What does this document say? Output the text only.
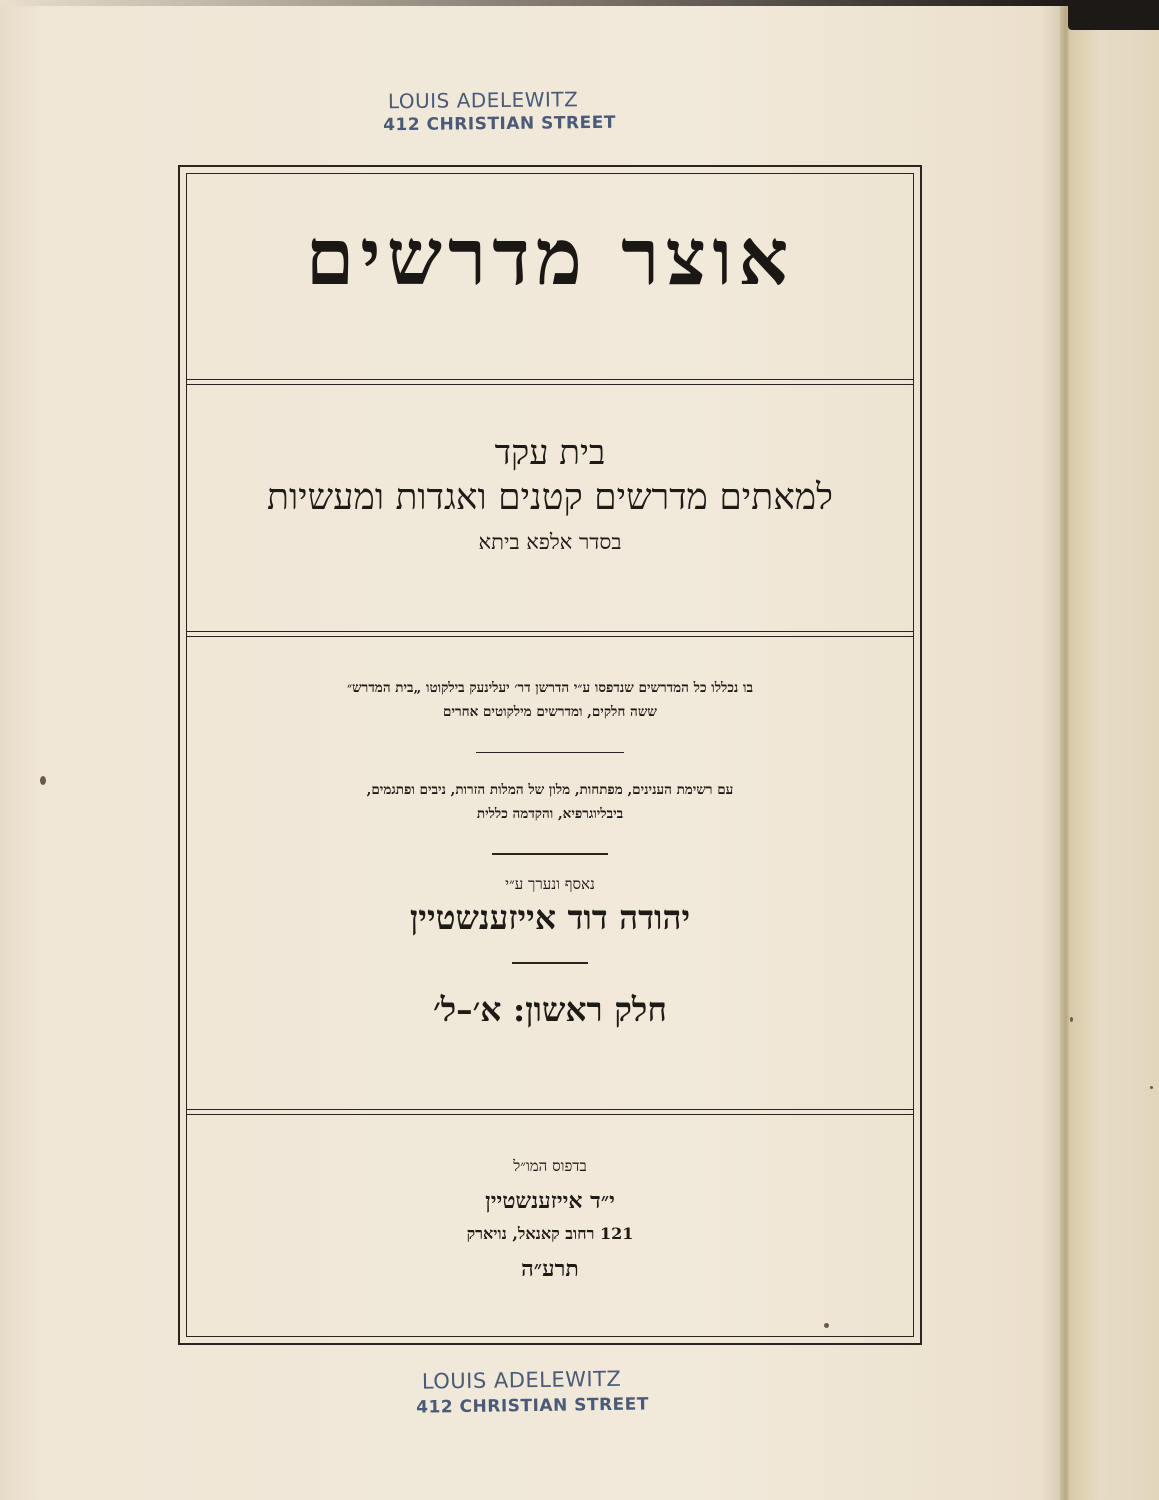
LOUIS ADELEWITZ
412 CHRISTIAN STREET
אוצר מדרשים
בית עקד
למאתים מדרשים קטנים ואגדות ומעשיות
בסדר אלפא ביתא
בו נכללו כל המדרשים שנדפסו ע״י הדרשן דר׳ יעלינעק בילקוטו „בית המדרש״
ששה חלקים, ומדרשים מילקוטים אחרים
עם רשימת הענינים, מפתחות, מלון של המלות הזרות, ניבים ופתגמים,
ביבליוגרפיא, והקדמה כללית
נאסף ונערך ע״י
יהודה דוד אייזענשטיין
חלק ראשון: א׳–ל׳
בדפוס המו״ל
י״ד אייזענשטיין
121 רחוב קאנאל, נויארק
תרע״ה
LOUIS ADELEWITZ
412 CHRISTIAN STREET
